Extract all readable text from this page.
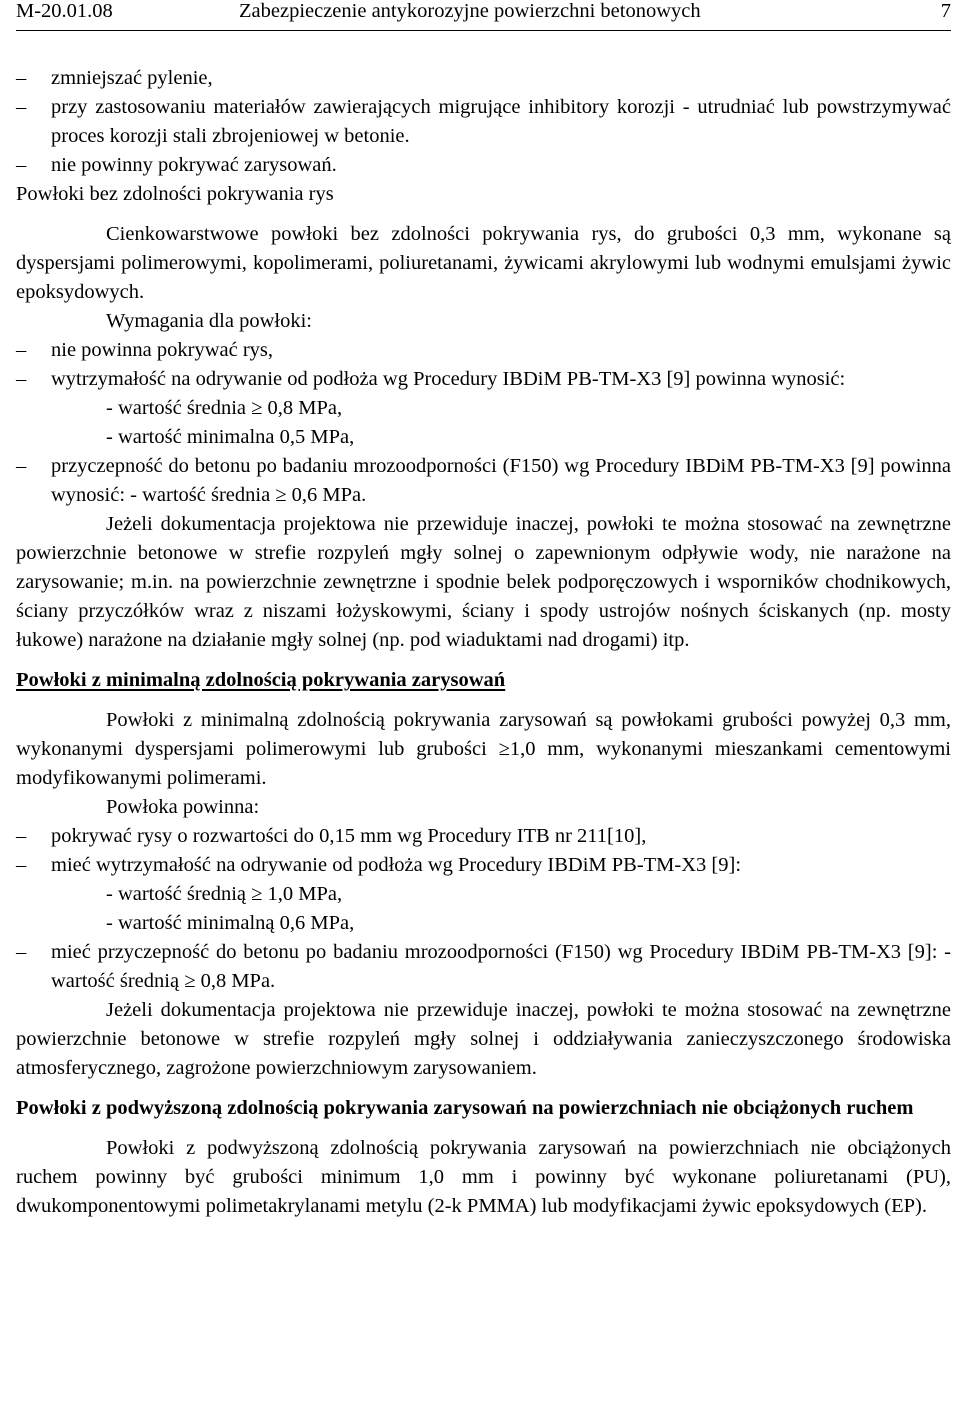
M-20.01.08	Zabezpieczenie antykorozyjne powierzchni betonowych	7

– zmniejszać pylenie,

– przy zastosowaniu materiałów zawierających migrujące inhibitory korozji - utrudniać lub powstrzymywać proces korozji stali zbrojeniowej w betonie.

– nie powinny pokrywać zarysowań.

Powłoki bez zdolności pokrywania rys

Cienkowarstwowe powłoki bez zdolności pokrywania rys, do grubości 0,3 mm, wykonane są dyspersjami polimerowymi, kopolimerami, poliuretanami, żywicami akrylowymi lub wodnymi emulsjami żywic epoksydowych.

Wymagania dla powłoki:

– nie powinna pokrywać rys,

– wytrzymałość na odrywanie od podłoża wg Procedury IBDiM PB-TM-X3 [9] powinna wynosić:

- wartość średnia ≥ 0,8 MPa,

- wartość minimalna 0,5 MPa,

– przyczepność do betonu po badaniu mrozoodporności (F150) wg Procedury IBDiM PB-TM-X3 [9] powinna wynosić: - wartość średnia ≥ 0,6 MPa.

Jeżeli dokumentacja projektowa nie przewiduje inaczej, powłoki te można stosować na zewnętrzne powierzchnie betonowe w strefie rozpyleń mgły solnej o zapewnionym odpływie wody, nie narażone na zarysowanie; m.in. na powierzchnie zewnętrzne i spodnie belek podporęczowych i wsporników chodnikowych, ściany przyczółków wraz z niszami łożyskowymi, ściany i spody ustrojów nośnych ściskanych (np. mosty łukowe) narażone na działanie mgły solnej (np. pod wiaduktami nad drogami) itp.

Powłoki z minimalną zdolnością pokrywania zarysowań

Powłoki z minimalną zdolnością pokrywania zarysowań są powłokami grubości powyżej 0,3 mm, wykonanymi dyspersjami polimerowymi lub grubości ≥1,0 mm, wykonanymi mieszankami cementowymi modyfikowanymi polimerami.

Powłoka powinna:

– pokrywać rysy o rozwartości do 0,15 mm wg Procedury ITB nr 211[10],

– mieć wytrzymałość na odrywanie od podłoża wg Procedury IBDiM PB-TM-X3 [9]:

- wartość średnią ≥ 1,0 MPa,

- wartość minimalną 0,6 MPa,

– mieć przyczepność do betonu po badaniu mrozoodporności (F150) wg Procedury IBDiM PB-TM-X3 [9]: - wartość średnią ≥ 0,8 MPa.

Jeżeli dokumentacja projektowa nie przewiduje inaczej, powłoki te można stosować na zewnętrzne powierzchnie betonowe w strefie rozpyleń mgły solnej i oddziaływania zanieczyszczonego środowiska atmosferycznego, zagrożone powierzchniowym zarysowaniem.

Powłoki z podwyższoną zdolnością pokrywania zarysowań na powierzchniach nie obciążonych ruchem

Powłoki z podwyższoną zdolnością pokrywania zarysowań na powierzchniach nie obciążonych ruchem powinny być grubości minimum 1,0 mm i powinny być wykonane poliuretanami (PU), dwukomponentowymi polimetakrylanami metylu (2-k PMMA) lub modyfikacjami żywic epoksydowych (EP).
